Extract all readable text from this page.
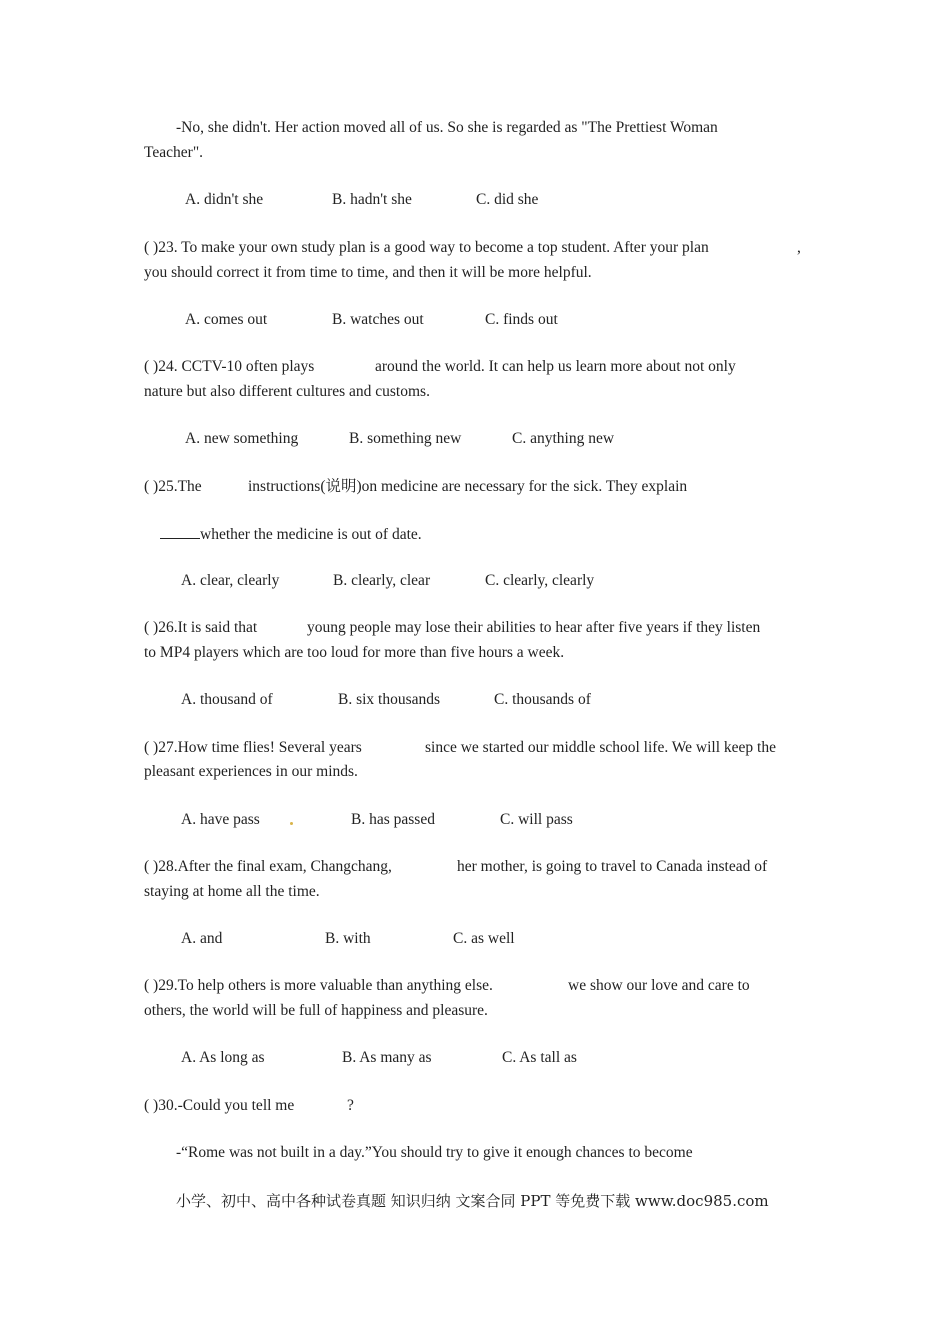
-No, she didn't. Her action moved all of us. So she is regarded as "The Prettiest Woman
Teacher".
A. didn't she	B. hadn't she	C. did she
( )23. To make your own study plan is a good way to become a top student. After your plan	,
you should correct it from time to time, and then it will be more helpful.
A. comes out	B. watches out	C. finds out
( )24. CCTV-10 often plays	around the world. It can help us learn more about not only
nature but also different cultures and customs.
A. new something	B. something new	C. anything new
( )25.The	instructions(说明)on medicine are necessary for the sick. They explain
whether the medicine is out of date.
A. clear, clearly	B. clearly, clear	C. clearly, clearly
( )26.It is said that	young people may lose their abilities to hear after five years if they listen
to MP4 players which are too loud for more than five hours a week.
A. thousand of	B. six thousands	C. thousands of
( )27.How time flies! Several years	since we started our middle school life. We will keep the
pleasant experiences in our minds.
A. have pass	B. has passed	C. will pass
( )28.After the final exam, Changchang,	her mother, is going to travel to Canada instead of
staying at home all the time.
A. and	B. with	C. as well
( )29.To help others is more valuable than anything else.	we show our love and care to
others, the world will be full of happiness and pleasure.
A. As long as	B. As many as	C. As tall as
( )30.-Could you tell me	?
-“Rome was not built in a day.”You should try to give it enough chances to become
小学、初中、高中各种试卷真题 知识归纳 文案合同 PPT 等免费下载 www.doc985.com
